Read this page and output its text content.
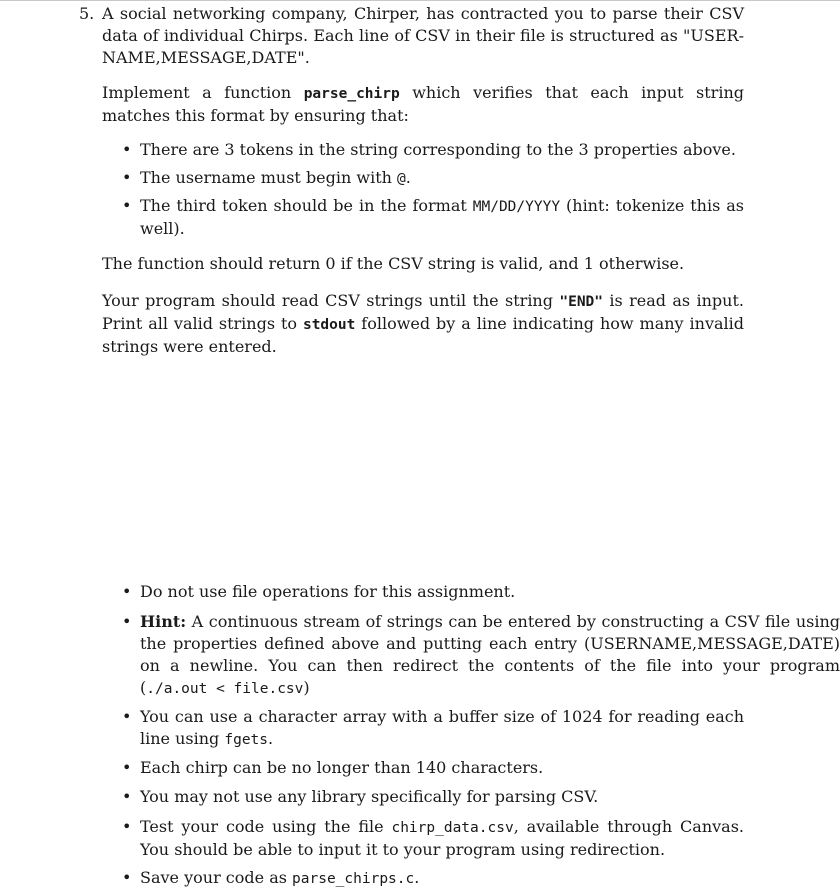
5. A social networking company, Chirper, has contracted you to parse their CSV data of individual Chirps. Each line of CSV in their file is structured as "USER-NAME,MESSAGE,DATE".

Implement a function parse_chirp which verifies that each input string matches this format by ensuring that:

• There are 3 tokens in the string corresponding to the 3 properties above.
• The username must begin with @.
• The third token should be in the format MM/DD/YYYY (hint: tokenize this as well).

The function should return 0 if the CSV string is valid, and 1 otherwise.

Your program should read CSV strings until the string "END" is read as input. Print all valid strings to stdout followed by a line indicating how many invalid strings were entered.

• Do not use file operations for this assignment.
• Hint: A continuous stream of strings can be entered by constructing a CSV file using the properties defined above and putting each entry (USERNAME,MESSAGE,DATE) on a newline. You can then redirect the contents of the file into your program (./a.out < file.csv)
• You can use a character array with a buffer size of 1024 for reading each line using fgets.
• Each chirp can be no longer than 140 characters.
• You may not use any library specifically for parsing CSV.
• Test your code using the file chirp_data.csv, available through Canvas. You should be able to input it to your program using redirection.
• Save your code as parse_chirps.c.
